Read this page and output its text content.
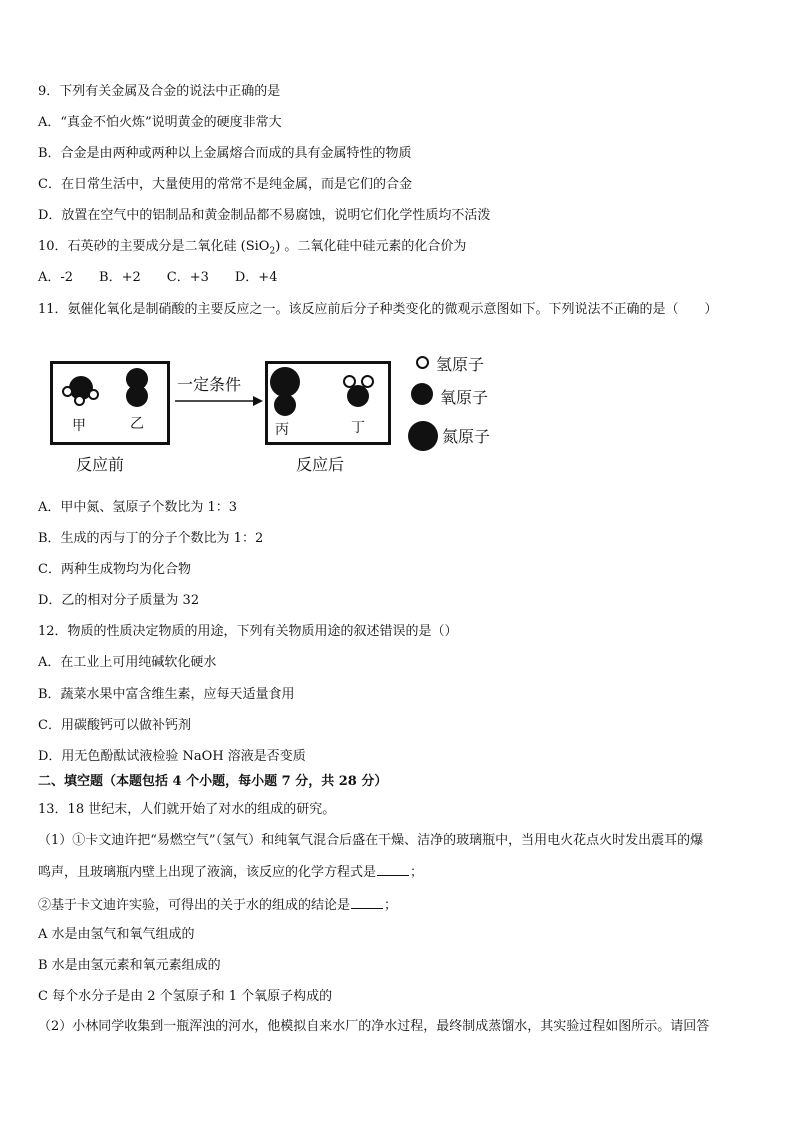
9．下列有关金属及合金的说法中正确的是
A．“真金不怕火炼”说明黄金的硬度非常大
B．合金是由两种或两种以上金属熔合而成的具有金属特性的物质
C．在日常生活中，大量使用的常常不是纯金属，而是它们的合金
D．放置在空气中的铝制品和黄金制品都不易腐蚀，说明它们化学性质均不活泼
10．石英砂的主要成分是二氧化硅 (SiO$_2$) 。二氧化硅中硅元素的化合价为
A．-2　　B．+2　　C．+3　　D．+4
11．氨催化氧化是制硝酸的主要反应之一。该反应前后分子种类变化的微观示意图如下。下列说法不正确的是（　　）
甲	乙
一定条件
丙	丁
反应前	反应后
氢原子
氧原子
氮原子
A．甲中氮、氢原子个数比为 1：3
B．生成的丙与丁的分子个数比为 1：2
C．两种生成物均为化合物
D．乙的相对分子质量为 32
12．物质的性质决定物质的用途，下列有关物质用途的叙述错误的是（）
A．在工业上可用纯碱软化硬水
B．蔬菜水果中富含维生素，应每天适量食用
C．用碳酸钙可以做补钙剂
D．用无色酚酞试液检验 NaOH 溶液是否变质
二、填空题（本题包括 4 个小题，每小题 7 分，共 28 分）
13．18 世纪末，人们就开始了对水的组成的研究。
（1）①卡文迪许把“易燃空气”（氢气）和纯氧气混合后盛在干燥、洁净的玻璃瓶中，当用电火花点火时发出震耳的爆
鸣声，且玻璃瓶内壁上出现了液滴，该反应的化学方程式是	；
②基于卡文迪许实验，可得出的关于水的组成的结论是	；
A 水是由氢气和氧气组成的
B 水是由氢元素和氧元素组成的
C 每个水分子是由 2 个氢原子和 1 个氧原子构成的
（2）小林同学收集到一瓶浑浊的河水，他模拟自来水厂的净水过程，最终制成蒸馏水，其实验过程如图所示。请回答
